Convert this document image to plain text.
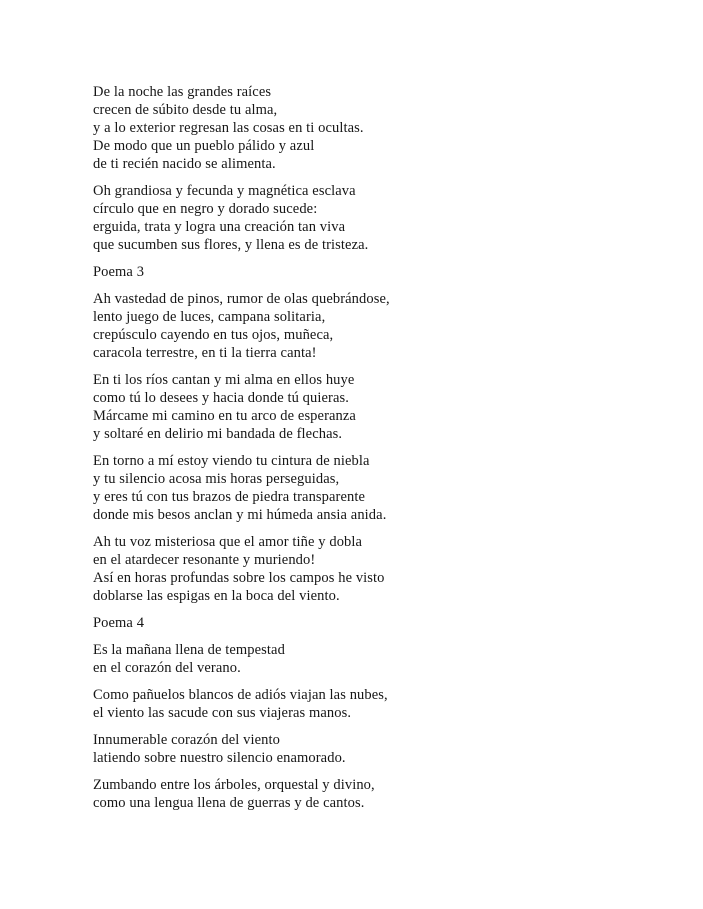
De la noche las grandes raíces
crecen de súbito desde tu alma,
y a lo exterior regresan las cosas en ti ocultas.
De modo que un pueblo pálido y azul
de ti recién nacido se alimenta.
Oh grandiosa y fecunda y magnética esclava
círculo que en negro y dorado sucede:
erguida, trata y logra una creación tan viva
que sucumben sus flores, y llena es de tristeza.
Poema 3
Ah vastedad de pinos, rumor de olas quebrándose,
lento juego de luces, campana solitaria,
crepúsculo cayendo en tus ojos, muñeca,
caracola terrestre, en ti la tierra canta!
En ti los ríos cantan y mi alma en ellos huye
como tú lo desees y hacia donde tú quieras.
Márcame mi camino en tu arco de esperanza
y soltaré en delirio mi bandada de flechas.
En torno a mí estoy viendo tu cintura de niebla
y tu silencio acosa mis horas perseguidas,
y eres tú con tus brazos de piedra transparente
donde mis besos anclan y mi húmeda ansia anida.
Ah tu voz misteriosa que el amor tiñe y dobla
en el atardecer resonante y muriendo!
Así en horas profundas sobre los campos he visto
doblarse las espigas en la boca del viento.
Poema 4
Es la mañana llena de tempestad
en el corazón del verano.
Como pañuelos blancos de adiós viajan las nubes,
el viento las sacude con sus viajeras manos.
Innumerable corazón del viento
latiendo sobre nuestro silencio enamorado.
Zumbando entre los árboles, orquestal y divino,
como una lengua llena de guerras y de cantos.
